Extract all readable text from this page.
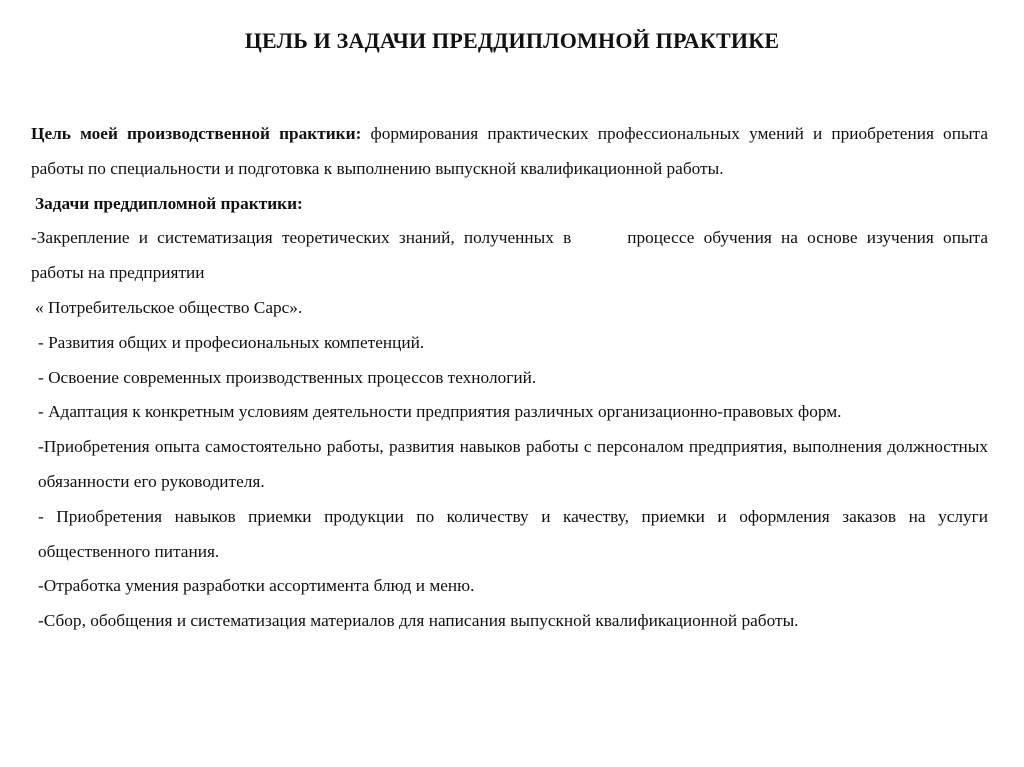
ЦЕЛЬ И ЗАДАЧИ ПРЕДДИПЛОМНОЙ ПРАКТИКЕ

Цель моей производственной практики: формирования практических профессиональных умений и приобретения опыта работы по специальности и подготовка к выполнению выпускной квалификационной работы.

Задачи преддипломной практики:

-Закрепление и систематизация теоретических знаний, полученных в	процессе обучения на основе изучения опыта работы на предприятии

« Потребительское общество Сарс».

- Развития общих и професиональных компетенций.

- Освоение современных производственных процессов технологий.

- Адаптация к конкретным условиям деятельности предприятия различных организационно-правовых форм.

-Приобретения опыта самостоятельно работы, развития навыков работы с персоналом предприятия, выполнения должностных обязанности его руководителя.

- Приобретения навыков приемки продукции по количеству и качеству, приемки и оформления заказов на услуги общественного питания.

-Отработка умения разработки ассортимента блюд и меню.

-Сбор, обобщения и систематизация материалов для написания выпускной квалификационной работы.
